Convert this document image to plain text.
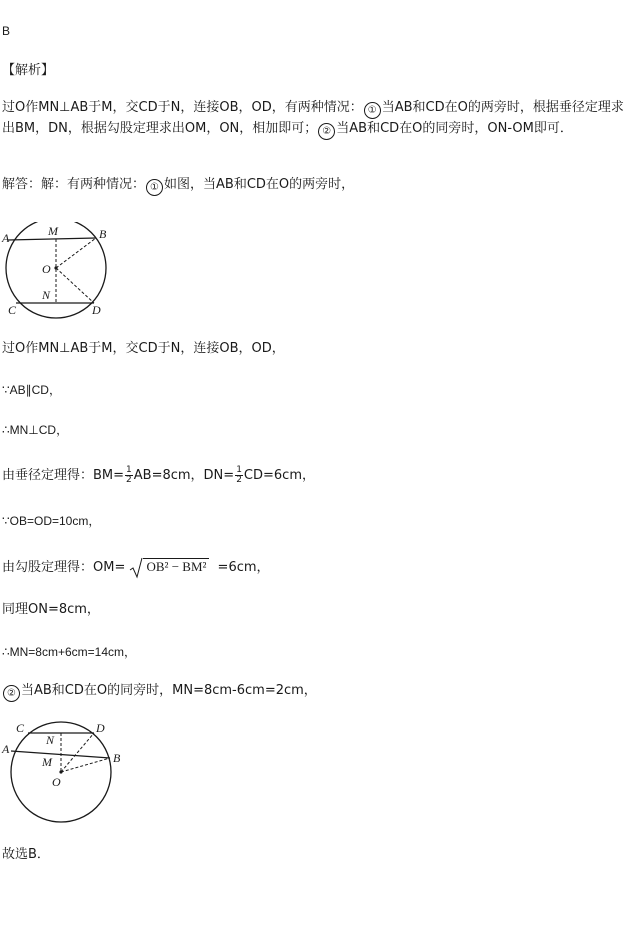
B
【解析】
过O作MN⊥AB于M，交CD于N，连接OB，OD，有两种情况： ① 当AB和CD在O的两旁时，根据垂径定理求出BM，DN，根据勾股定理求出OM，ON，相加即可； ② 当AB和CD在O的同旁时，ON-OM即可．
解答：解：有两种情况： ① 如图，当AB和CD在O的两旁时，
A	M	B
O
N
C	D
过O作MN⊥AB于M，交CD于N，连接OB，OD，
∵AB∥CD，
∴MN⊥CD，
由垂径定理得：$BM= \frac{1}{2} AB=8cm$，$DN= \frac{1}{2} CD=6cm$，
∵OB=OD=10cm，
由勾股定理得：OM= OB² − BM² =6cm，
同理ON=8cm，
∴MN=8cm+6cm=14cm，
② 当AB和CD在O的同旁时，MN=8cm-6cm=2cm，
C	D
N
A
M	B
O
故选B．
